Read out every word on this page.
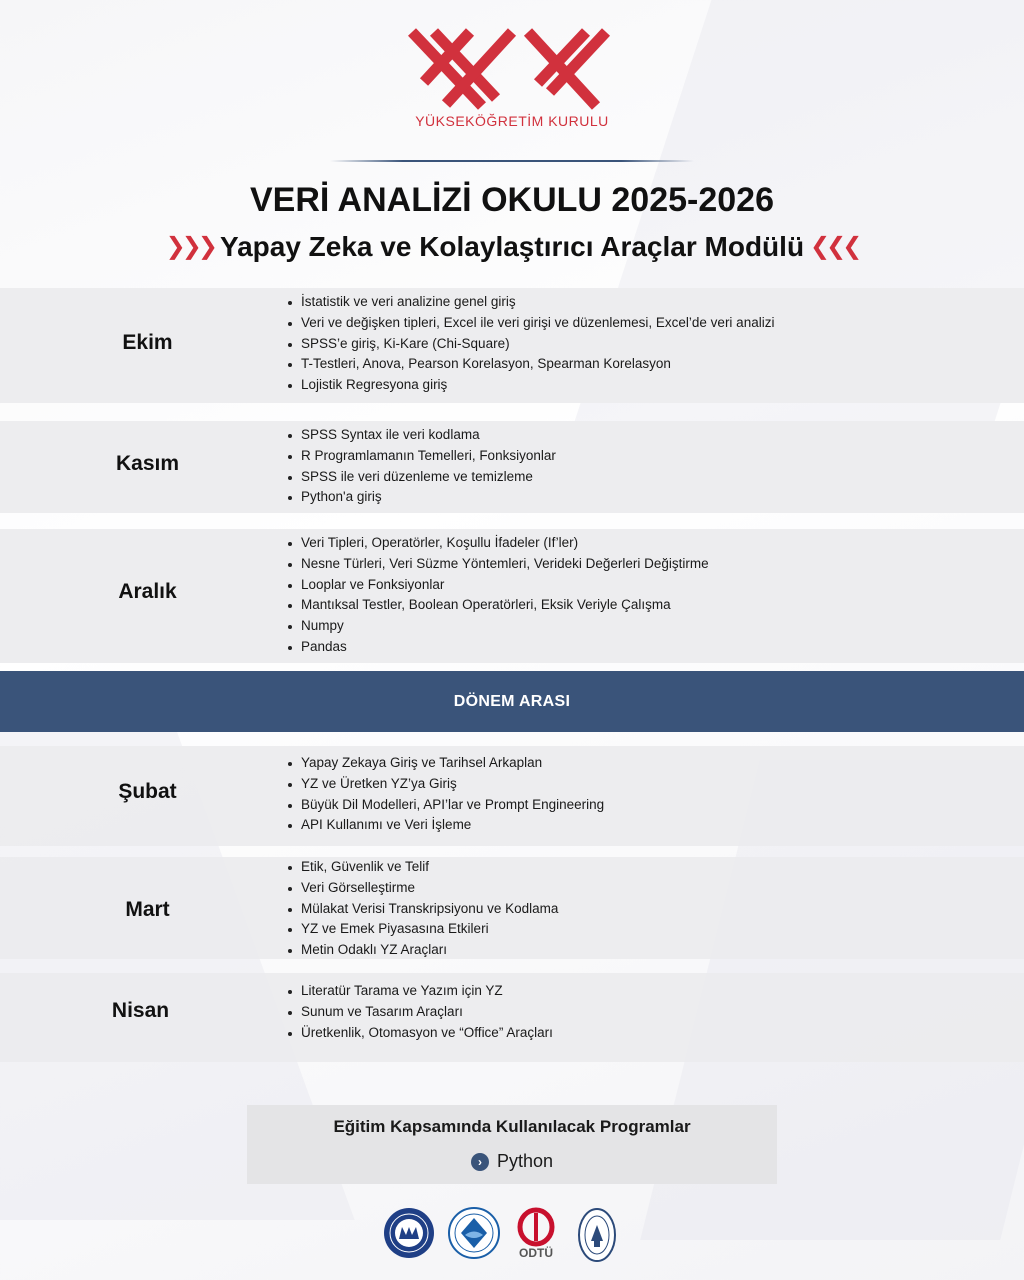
YÜKSEKÖĞRETİM KURULU
VERİ ANALİZİ OKULU 2025-2026
❯❯❯ Yapay Zeka ve Kolaylaştırıcı Araçlar Modülü ❮❮❮
Ekim
İstatistik ve veri analizine genel giriş
Veri ve değişken tipleri, Excel ile veri girişi ve düzenlemesi, Excel’de veri analizi
SPSS’e giriş, Ki-Kare (Chi-Square)
T-Testleri, Anova, Pearson Korelasyon, Spearman Korelasyon
Lojistik Regresyona giriş
Kasım
SPSS Syntax ile veri kodlama
R Programlamanın Temelleri, Fonksiyonlar
SPSS ile veri düzenleme ve temizleme
Python'a giriş
Aralık
Veri Tipleri, Operatörler, Koşullu İfadeler (If’ler)
Nesne Türleri, Veri Süzme Yöntemleri, Verideki Değerleri Değiştirme
Looplar ve Fonksiyonlar
Mantıksal Testler, Boolean Operatörleri, Eksik Veriyle Çalışma
Numpy
Pandas
DÖNEM ARASI
Şubat
Yapay Zekaya Giriş ve Tarihsel Arkaplan
YZ ve Üretken YZ’ya Giriş
Büyük Dil Modelleri, API’lar ve Prompt Engineering
API Kullanımı ve Veri İşleme
Mart
Etik, Güvenlik ve Telif
Veri Görselleştirme
Mülakat Verisi Transkripsiyonu ve Kodlama
YZ ve Emek Piyasasına Etkileri
Metin Odaklı YZ Araçları
Nisan
Literatür Tarama ve Yazım için YZ
Sunum ve Tasarım Araçları
Üretkenlik, Otomasyon ve “Office” Araçları
Eğitim Kapsamında Kullanılacak Programlar
› Python
ODTÜ
